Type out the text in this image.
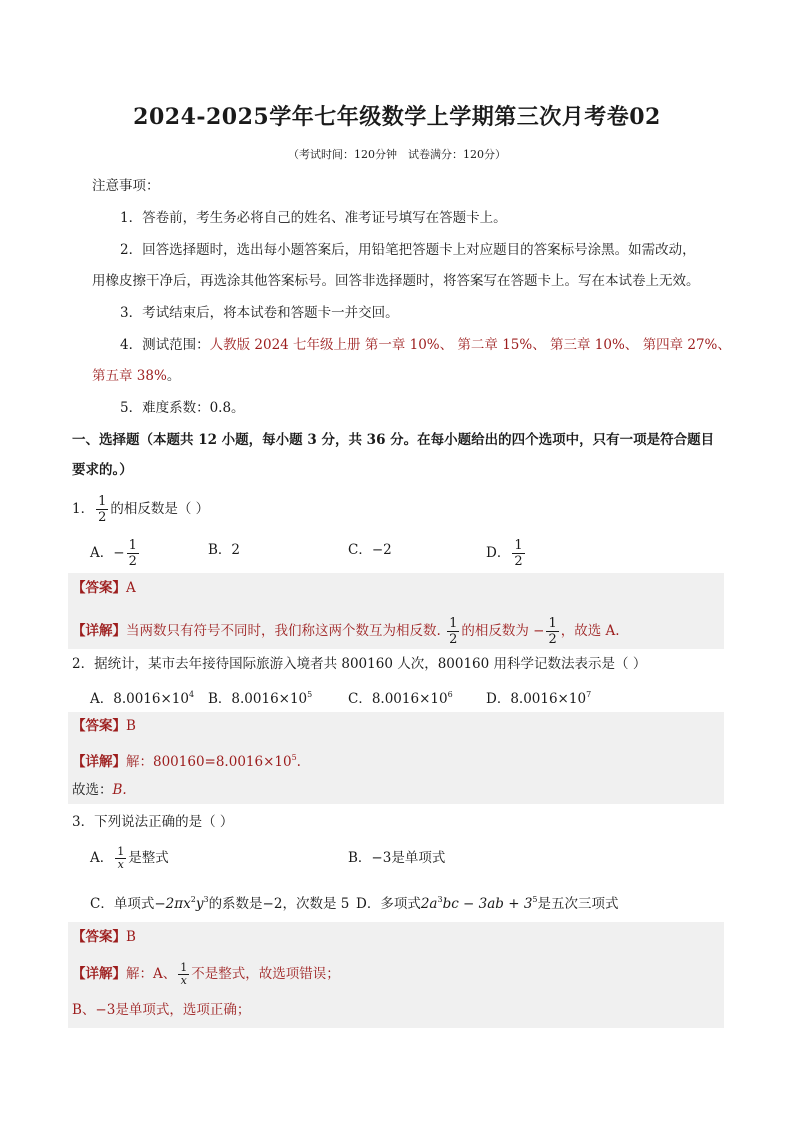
2024-2025学年七年级数学上学期第三次月考卷02
（考试时间：120分钟　试卷满分：120分）
注意事项：
1．答卷前，考生务必将自己的姓名、准考证号填写在答题卡上。
2．回答选择题时，选出每小题答案后，用铅笔把答题卡上对应题目的答案标号涂黑。如需改动，
用橡皮擦干净后，再选涂其他答案标号。回答非选择题时，将答案写在答题卡上。写在本试卷上无效。
3．考试结束后，将本试卷和答题卡一并交回。
4．测试范围：人教版 2024 七年级上册 第一章 10%、 第二章 15%、 第三章 10%、 第四章 27%、
第五章 38%。
5．难度系数：0.8。
一、选择题（本题共 12 小题，每小题 3 分，共 36 分。在每小题给出的四个选项中，只有一项是符合题目
要求的。）
1． $\frac{1}{2}$ 的相反数是（ ）
A．− $\frac{1}{2}$	B．2	C．−2	D． $\frac{1}{2}$
【答案】A
【详解】当两数只有符号不同时，我们称这两个数互为相反数. $\frac{1}{2}$ 的相反数为 − $\frac{1}{2}$ ，故选 A.
2．据统计，某市去年接待国际旅游入境者共 800160 人次，800160 用科学记数法表示是（ ）
A．$8.0016\times 10^4$ B．$8.0016\times 10^5$	C．$8.0016\times 10^6$ D．$8.0016\times 10^7$
【答案】B
【详解】解：$800160=8.0016\times 10^5$.
故选：B.
3．下列说法正确的是（ ）
A． $\frac{1}{x}$ 是整式	B．−3是单项式
C．单项式$-2\pi x^2y^3$的系数是−2，次数是 5 D．多项式$2a^3bc - 3ab + 3^5$是五次三项式
【答案】B
【详解】解：A、 $\frac{1}{x}$ 不是整式，故选项错误；
B、−3是单项式，选项正确；
